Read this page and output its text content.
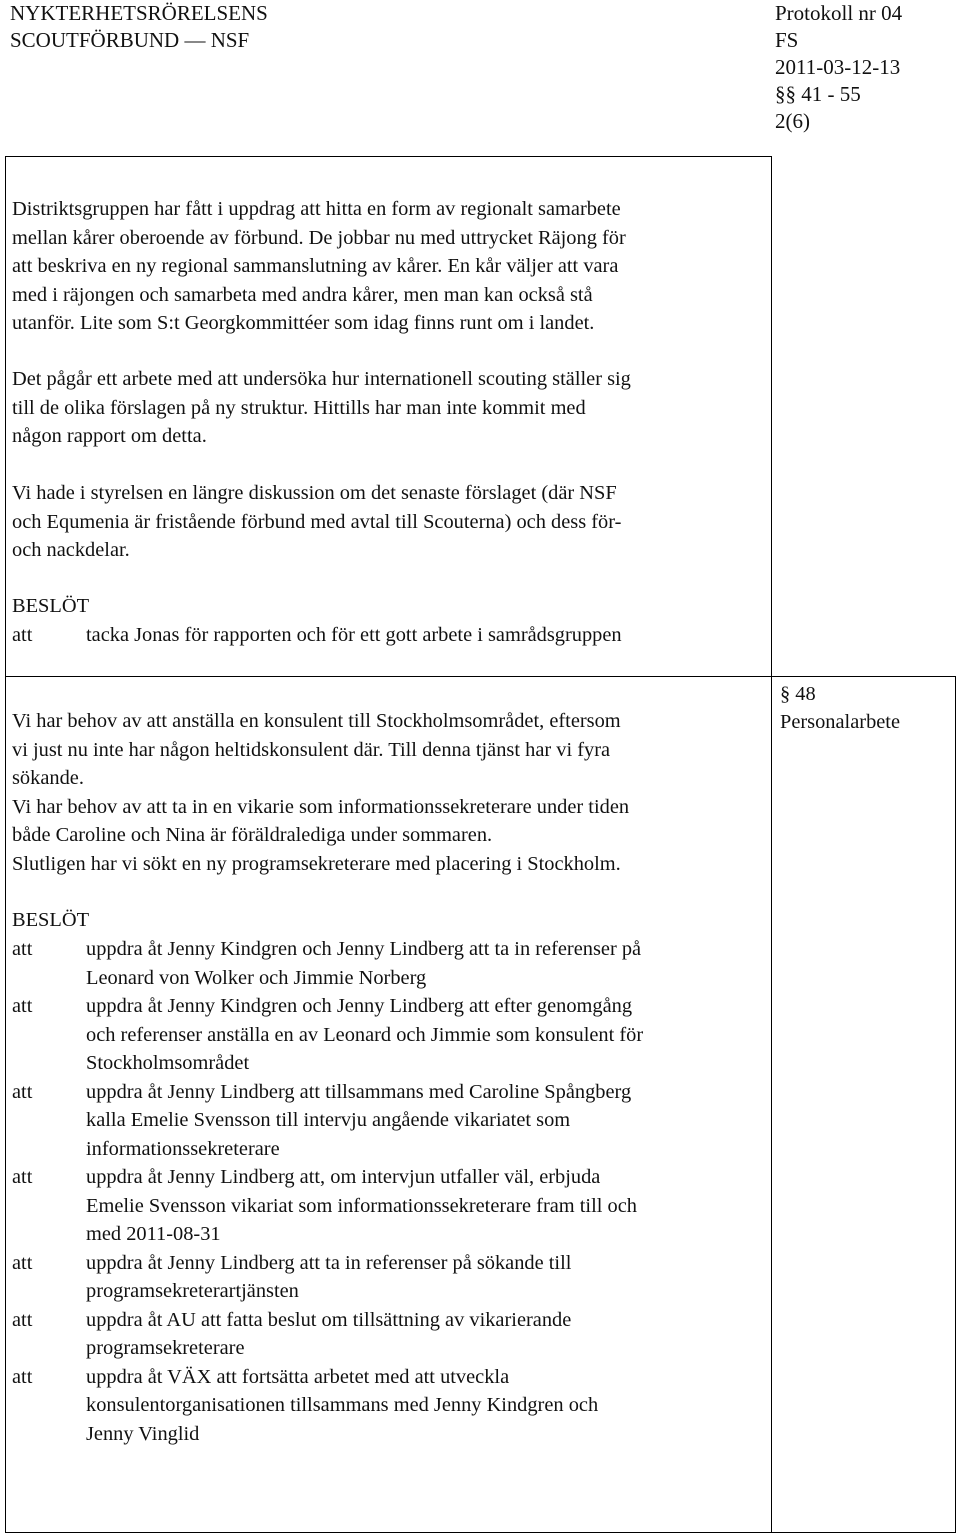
NYKTERHETSRÖRELSENS
SCOUTFÖRBUND — NSF
Protokoll nr 04
FS
2011-03-12-13
§§ 41 - 55
2(6)
Distriktsgruppen har fått i uppdrag att hitta en form av regionalt samarbete
mellan kårer oberoende av förbund. De jobbar nu med uttrycket Räjong för
att beskriva en ny regional sammanslutning av kårer. En kår väljer att vara
med i räjongen och samarbeta med andra kårer, men man kan också stå
utanför. Lite som S:t Georgkommittéer som idag finns runt om i landet.
Det pågår ett arbete med att undersöka hur internationell scouting ställer sig
till de olika förslagen på ny struktur. Hittills har man inte kommit med
någon rapport om detta.
Vi hade i styrelsen en längre diskussion om det senaste förslaget (där NSF
och Equmenia är fristående förbund med avtal till Scouterna) och dess för-
och nackdelar.
BESLÖT
att	tacka Jonas för rapporten och för ett gott arbete i samrådsgruppen
§ 48
Personalarbete
Vi har behov av att anställa en konsulent till Stockholmsområdet, eftersom
vi just nu inte har någon heltidskonsulent där. Till denna tjänst har vi fyra
sökande.
Vi har behov av att ta in en vikarie som informationssekreterare under tiden
både Caroline och Nina är föräldralediga under sommaren.
Slutligen har vi sökt en ny programsekreterare med placering i Stockholm.
BESLÖT
att	uppdra åt Jenny Kindgren och Jenny Lindberg att ta in referenser på
Leonard von Wolker och Jimmie Norberg
att	uppdra åt Jenny Kindgren och Jenny Lindberg att efter genomgång
och referenser anställa en av Leonard och Jimmie som konsulent för
Stockholmsområdet
att	uppdra åt Jenny Lindberg att tillsammans med Caroline Spångberg
kalla Emelie Svensson till intervju angående vikariatet som
informationssekreterare
att	uppdra åt Jenny Lindberg att, om intervjun utfaller väl, erbjuda
Emelie Svensson vikariat som informationssekreterare fram till och
med 2011-08-31
att	uppdra åt Jenny Lindberg att ta in referenser på sökande till
programsekreterartjänsten
att	uppdra åt AU att fatta beslut om tillsättning av vikarierande
programsekreterare
att	uppdra åt VÄX att fortsätta arbetet med att utveckla
konsulentorganisationen tillsammans med Jenny Kindgren och
Jenny Vinglid
